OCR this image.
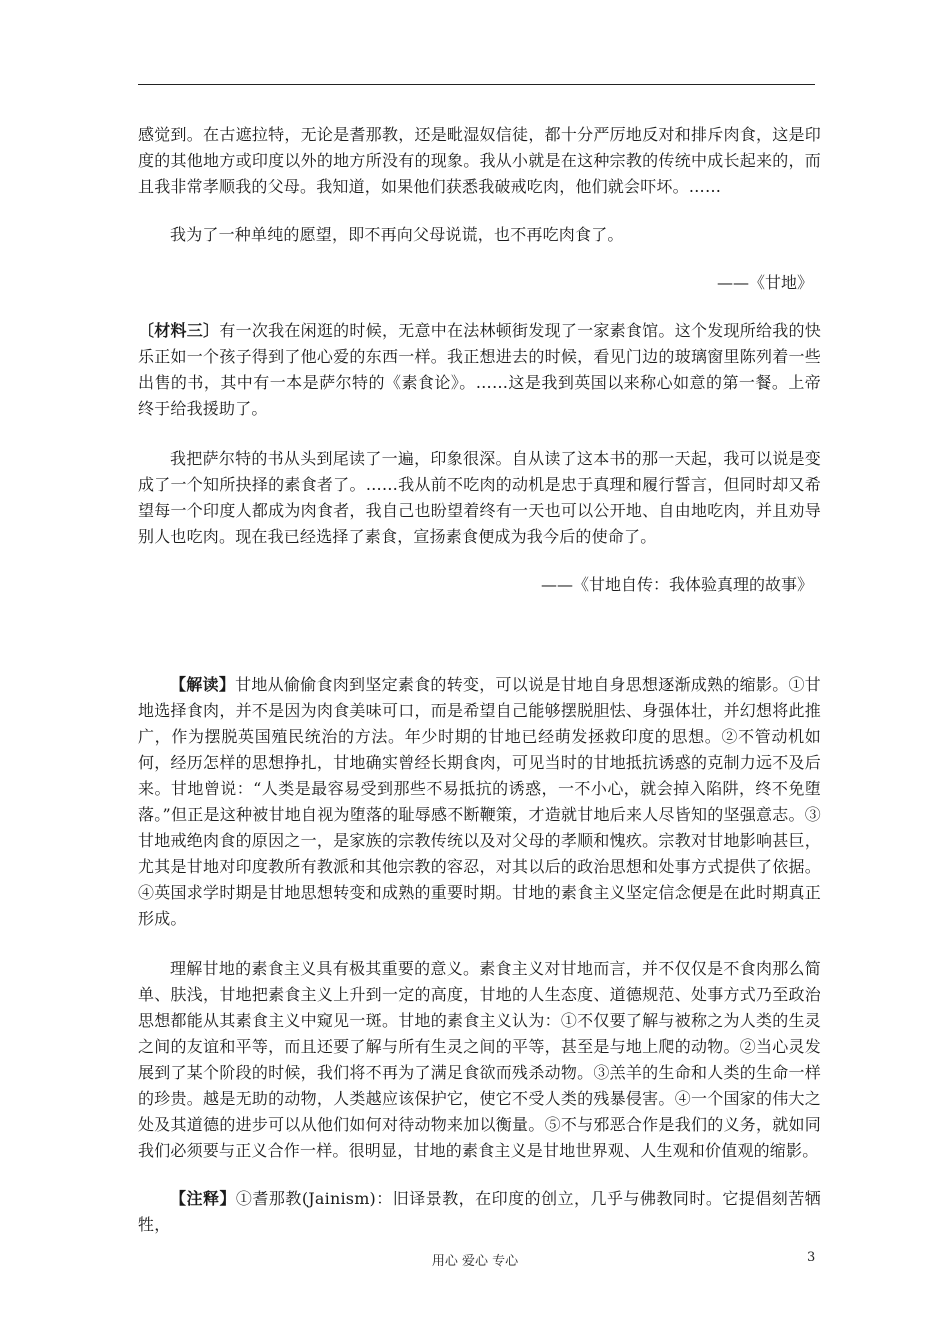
感觉到。在古遮拉特，无论是耆那教，还是毗湿奴信徒，都十分严厉地反对和排斥肉食，这是印度的其他地方或印度以外的地方所没有的现象。我从小就是在这种宗教的传统中成长起来的，而且我非常孝顺我的父母。我知道，如果他们获悉我破戒吃肉，他们就会吓坏。……

我为了一种单纯的愿望，即不再向父母说谎，也不再吃肉食了。

——《甘地》

〔材料三〕有一次我在闲逛的时候，无意中在法林顿街发现了一家素食馆。这个发现所给我的快乐正如一个孩子得到了他心爱的东西一样。我正想进去的时候，看见门边的玻璃窗里陈列着一些出售的书，其中有一本是萨尔特的《素食论》。……这是我到英国以来称心如意的第一餐。上帝终于给我援助了。

我把萨尔特的书从头到尾读了一遍，印象很深。自从读了这本书的那一天起，我可以说是变成了一个知所抉择的素食者了。……我从前不吃肉的动机是忠于真理和履行誓言，但同时却又希望每一个印度人都成为肉食者，我自己也盼望着终有一天也可以公开地、自由地吃肉，并且劝导别人也吃肉。现在我已经选择了素食，宣扬素食便成为我今后的使命了。

——《甘地自传：我体验真理的故事》

【解读】甘地从偷偷食肉到坚定素食的转变，可以说是甘地自身思想逐渐成熟的缩影。①甘地选择食肉，并不是因为肉食美味可口，而是希望自己能够摆脱胆怯、身强体壮，并幻想将此推广，作为摆脱英国殖民统治的方法。年少时期的甘地已经萌发拯救印度的思想。②不管动机如何，经历怎样的思想挣扎，甘地确实曾经长期食肉，可见当时的甘地抵抗诱惑的克制力远不及后来。甘地曾说：“人类是最容易受到那些不易抵抗的诱惑，一不小心，就会掉入陷阱，终不免堕落。”但正是这种被甘地自视为堕落的耻辱感不断鞭策，才造就甘地后来人尽皆知的坚强意志。③甘地戒绝肉食的原因之一，是家族的宗教传统以及对父母的孝顺和愧疚。宗教对甘地影响甚巨，尤其是甘地对印度教所有教派和其他宗教的容忍，对其以后的政治思想和处事方式提供了依据。④英国求学时期是甘地思想转变和成熟的重要时期。甘地的素食主义坚定信念便是在此时期真正形成。

理解甘地的素食主义具有极其重要的意义。素食主义对甘地而言，并不仅仅是不食肉那么简单、肤浅，甘地把素食主义上升到一定的高度，甘地的人生态度、道德规范、处事方式乃至政治思想都能从其素食主义中窥见一斑。甘地的素食主义认为：①不仅要了解与被称之为人类的生灵之间的友谊和平等，而且还要了解与所有生灵之间的平等，甚至是与地上爬的动物。②当心灵发展到了某个阶段的时候，我们将不再为了满足食欲而残杀动物。③羔羊的生命和人类的生命一样的珍贵。越是无助的动物，人类越应该保护它，使它不受人类的残暴侵害。④一个国家的伟大之处及其道德的进步可以从他们如何对待动物来加以衡量。⑤不与邪恶合作是我们的义务，就如同我们必须要与正义合作一样。很明显，甘地的素食主义是甘地世界观、人生观和价值观的缩影。

【注释】①耆那教(Jainism)：旧译景教，在印度的创立，几乎与佛教同时。它提倡刻苦牺牲，

用心 爱心 专心	3
